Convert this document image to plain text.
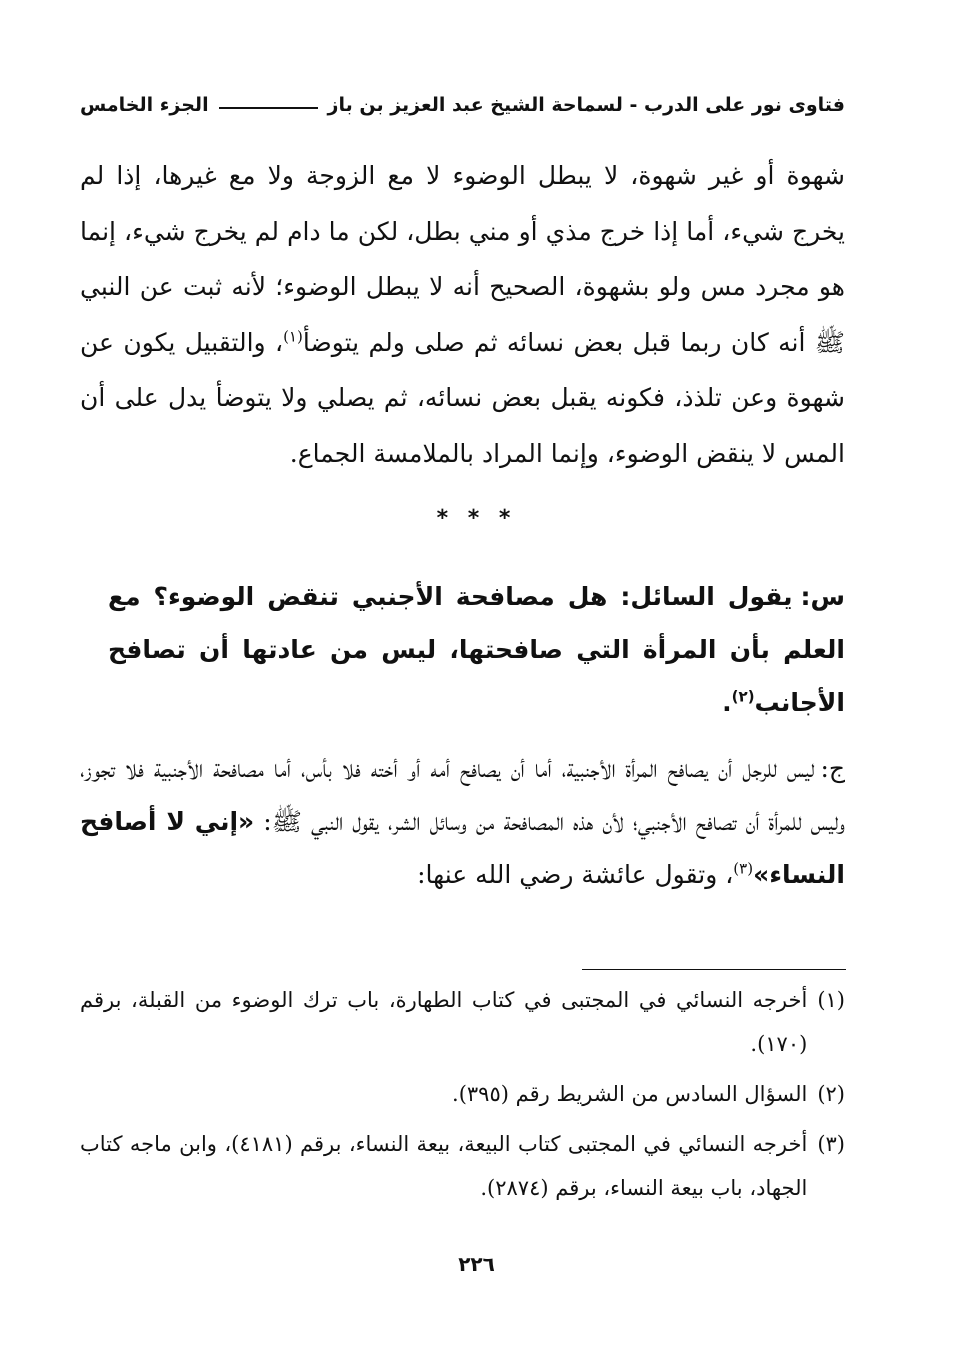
فتاوى نور على الدرب - لسماحة الشيخ عبد العزيز بن باز
الجزء الخامس

شهوة أو غير شهوة، لا يبطل الوضوء لا مع الزوجة ولا مع غيرها، إذا لم يخرج شيء، أما إذا خرج مذي أو مني بطل، لكن ما دام لم يخرج شيء، إنما هو مجرد مس ولو بشهوة، الصحيح أنه لا يبطل الوضوء؛ لأنه ثبت عن النبي ﷺ أنه كان ربما قبل بعض نسائه ثم صلى ولم يتوضأ$^{(١)}$، والتقبيل يكون عن شهوة وعن تلذذ، فكونه يقبل بعض نسائه، ثم يصلي ولا يتوضأ يدل على أن المس لا ينقض الوضوء، وإنما المراد بالملامسة الجماع.

* * *

س:يقول السائل: هل مصافحة الأجنبي تنقض الوضوء؟ مع العلم بأن المرأة التي صافحتها، ليس من عادتها أن تصافح الأجانب$^{(٢)}$.

ج:ليس للرجل أن يصافح المرأة الأجنبية، أما أن يصافح أمه أو أخته فلا بأس، أما مصافحة الأجنبية فلا تجوز، وليس للمرأة أن تصافح الأجنبي؛ لأن هذه المصافحة من وسائل الشر، يقول النبي ﷺ: «إني لا أصافح النساء»$^{(٣)}$، وتقول عائشة رضي الله عنها:

(١)
أخرجه النسائي في المجتبى في كتاب الطهارة، باب ترك الوضوء من القبلة، برقم (١٧٠).
(٢)
السؤال السادس من الشريط رقم (٣٩٥).
(٣)
أخرجه النسائي في المجتبى كتاب البيعة، بيعة النساء، برقم (٤١٨١)، وابن ماجه كتاب الجهاد، باب بيعة النساء، برقم (٢٨٧٤).
٢٢٦
